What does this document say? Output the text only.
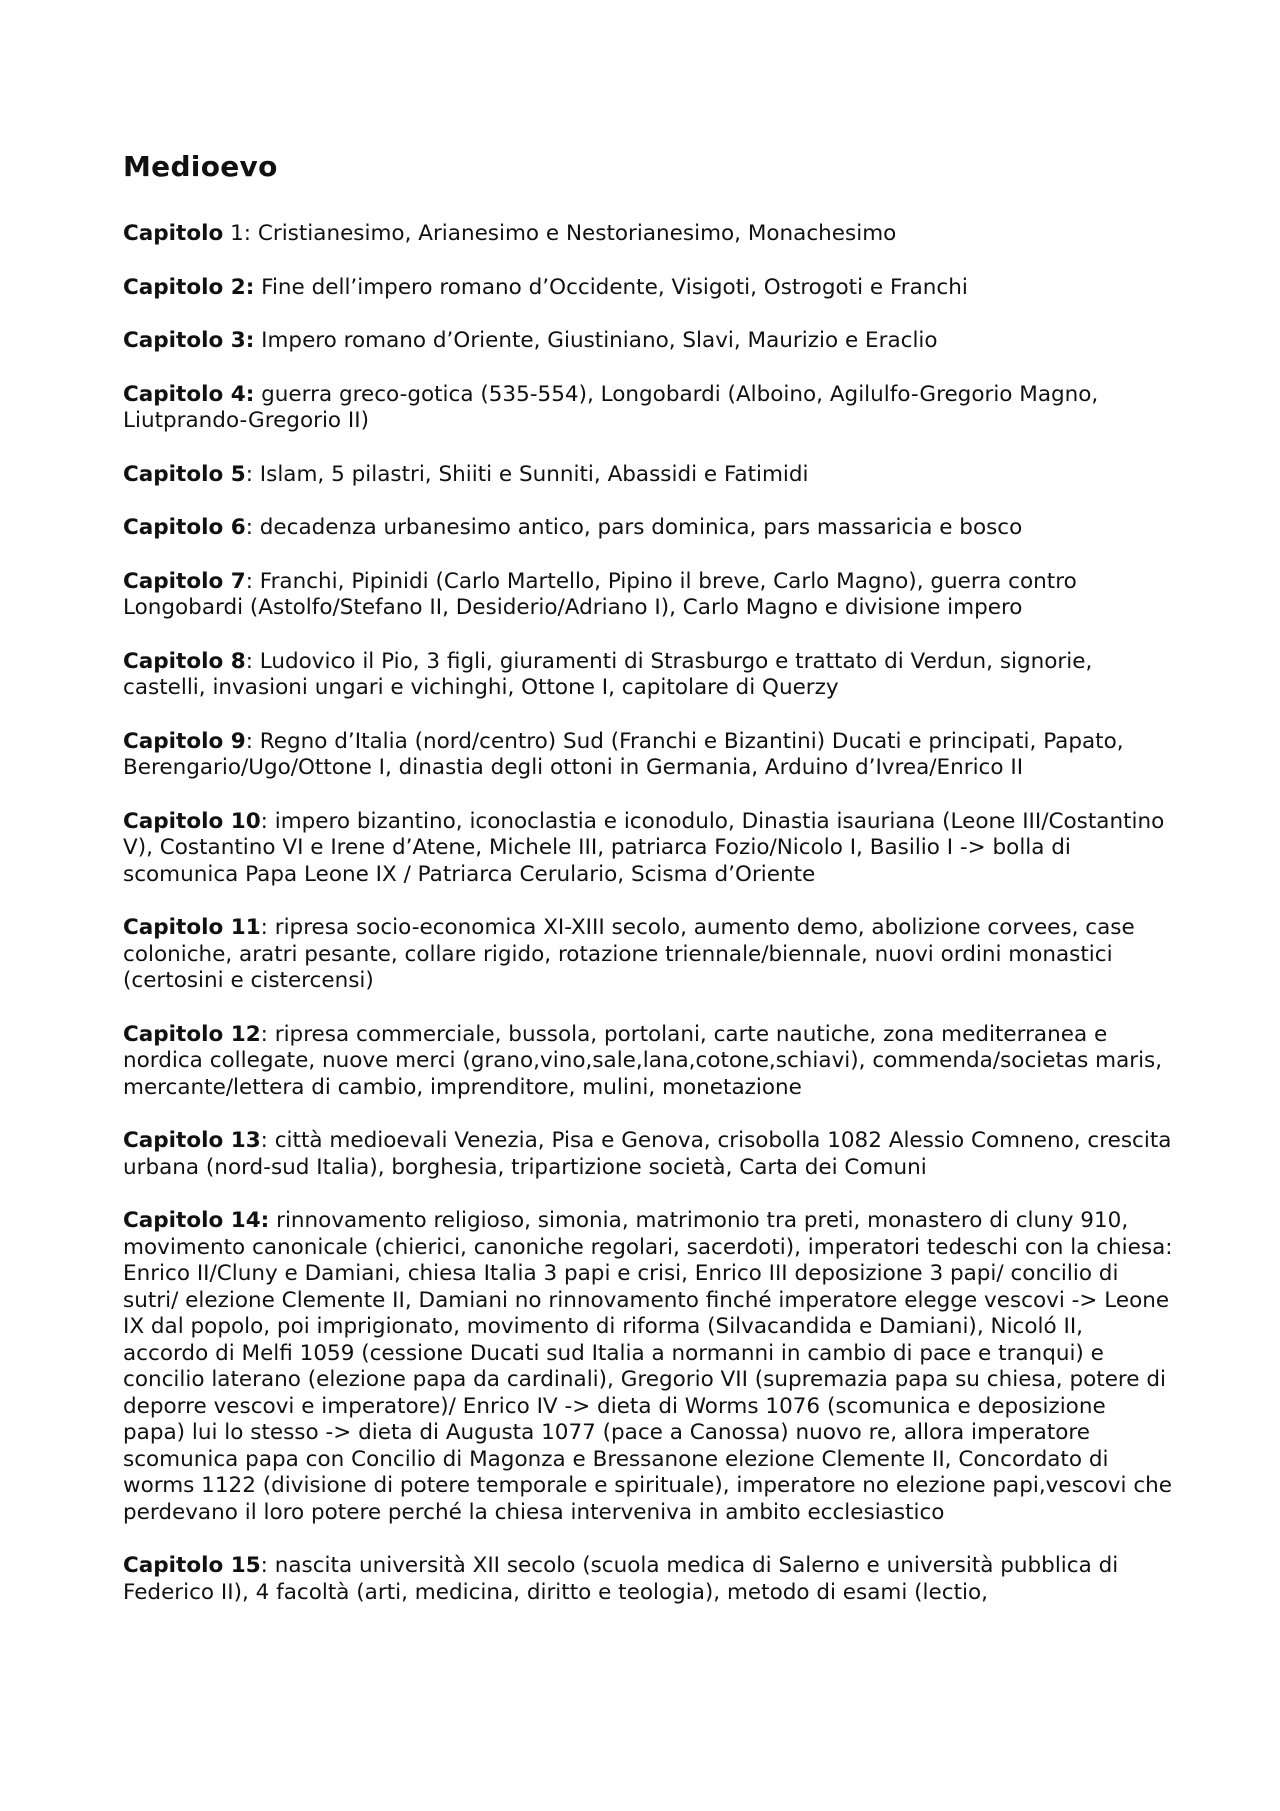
Medioevo

Capitolo 1: Cristianesimo, Arianesimo e Nestorianesimo, Monachesimo

Capitolo 2: Fine dell’impero romano d’Occidente, Visigoti, Ostrogoti e Franchi

Capitolo 3: Impero romano d’Oriente, Giustiniano, Slavi, Maurizio e Eraclio

Capitolo 4: guerra greco-gotica (535-554), Longobardi (Alboino, Agilulfo-Gregorio Magno, Liutprando-Gregorio II)

Capitolo 5: Islam, 5 pilastri, Shiiti e Sunniti, Abassidi e Fatimidi

Capitolo 6: decadenza urbanesimo antico, pars dominica, pars massaricia e bosco

Capitolo 7: Franchi, Pipinidi (Carlo Martello, Pipino il breve, Carlo Magno), guerra contro Longobardi (Astolfo/Stefano II, Desiderio/Adriano I), Carlo Magno e divisione impero

Capitolo 8: Ludovico il Pio, 3 figli, giuramenti di Strasburgo e trattato di Verdun, signorie, castelli, invasioni ungari e vichinghi, Ottone I, capitolare di Querzy

Capitolo 9: Regno d’Italia (nord/centro) Sud (Franchi e Bizantini) Ducati e principati, Papato, Berengario/Ugo/Ottone I, dinastia degli ottoni in Germania, Arduino d’Ivrea/Enrico II

Capitolo 10: impero bizantino, iconoclastia e iconodulo, Dinastia isauriana (Leone III/Costantino V), Costantino VI e Irene d’Atene, Michele III, patriarca Fozio/Nicolo I, Basilio I -> bolla di scomunica Papa Leone IX / Patriarca Cerulario, Scisma d’Oriente

Capitolo 11: ripresa socio-economica XI-XIII secolo, aumento demo, abolizione corvees, case coloniche, aratri pesante, collare rigido, rotazione triennale/biennale, nuovi ordini monastici (certosini e cistercensi)

Capitolo 12: ripresa commerciale, bussola, portolani, carte nautiche, zona mediterranea e nordica collegate, nuove merci (grano,vino,sale,lana,cotone,schiavi), commenda/societas maris, mercante/lettera di cambio, imprenditore, mulini, monetazione

Capitolo 13: città medioevali Venezia, Pisa e Genova, crisobolla 1082 Alessio Comneno, crescita urbana (nord-sud Italia), borghesia, tripartizione società, Carta dei Comuni

Capitolo 14: rinnovamento religioso, simonia, matrimonio tra preti, monastero di cluny 910, movimento canonicale (chierici, canoniche regolari, sacerdoti), imperatori tedeschi con la chiesa: Enrico II/Cluny e Damiani, chiesa Italia 3 papi e crisi, Enrico III deposizione 3 papi/ concilio di sutri/ elezione Clemente II, Damiani no rinnovamento finché imperatore elegge vescovi -> Leone IX dal popolo, poi imprigionato, movimento di riforma (Silvacandida e Damiani), Nicoló II, accordo di Melfi 1059 (cessione Ducati sud Italia a normanni in cambio di pace e tranqui) e concilio laterano (elezione papa da cardinali), Gregorio VII (supremazia papa su chiesa, potere di deporre vescovi e imperatore)/ Enrico IV -> dieta di Worms 1076 (scomunica e deposizione papa) lui lo stesso -> dieta di Augusta 1077 (pace a Canossa) nuovo re, allora imperatore scomunica papa con Concilio di Magonza e Bressanone elezione Clemente II, Concordato di worms 1122 (divisione di potere temporale e spirituale), imperatore no elezione papi,vescovi che perdevano il loro potere perché la chiesa interveniva in ambito ecclesiastico

Capitolo 15: nascita università XII secolo (scuola medica di Salerno e università pubblica di Federico II), 4 facoltà (arti, medicina, diritto e teologia), metodo di esami (lectio,
